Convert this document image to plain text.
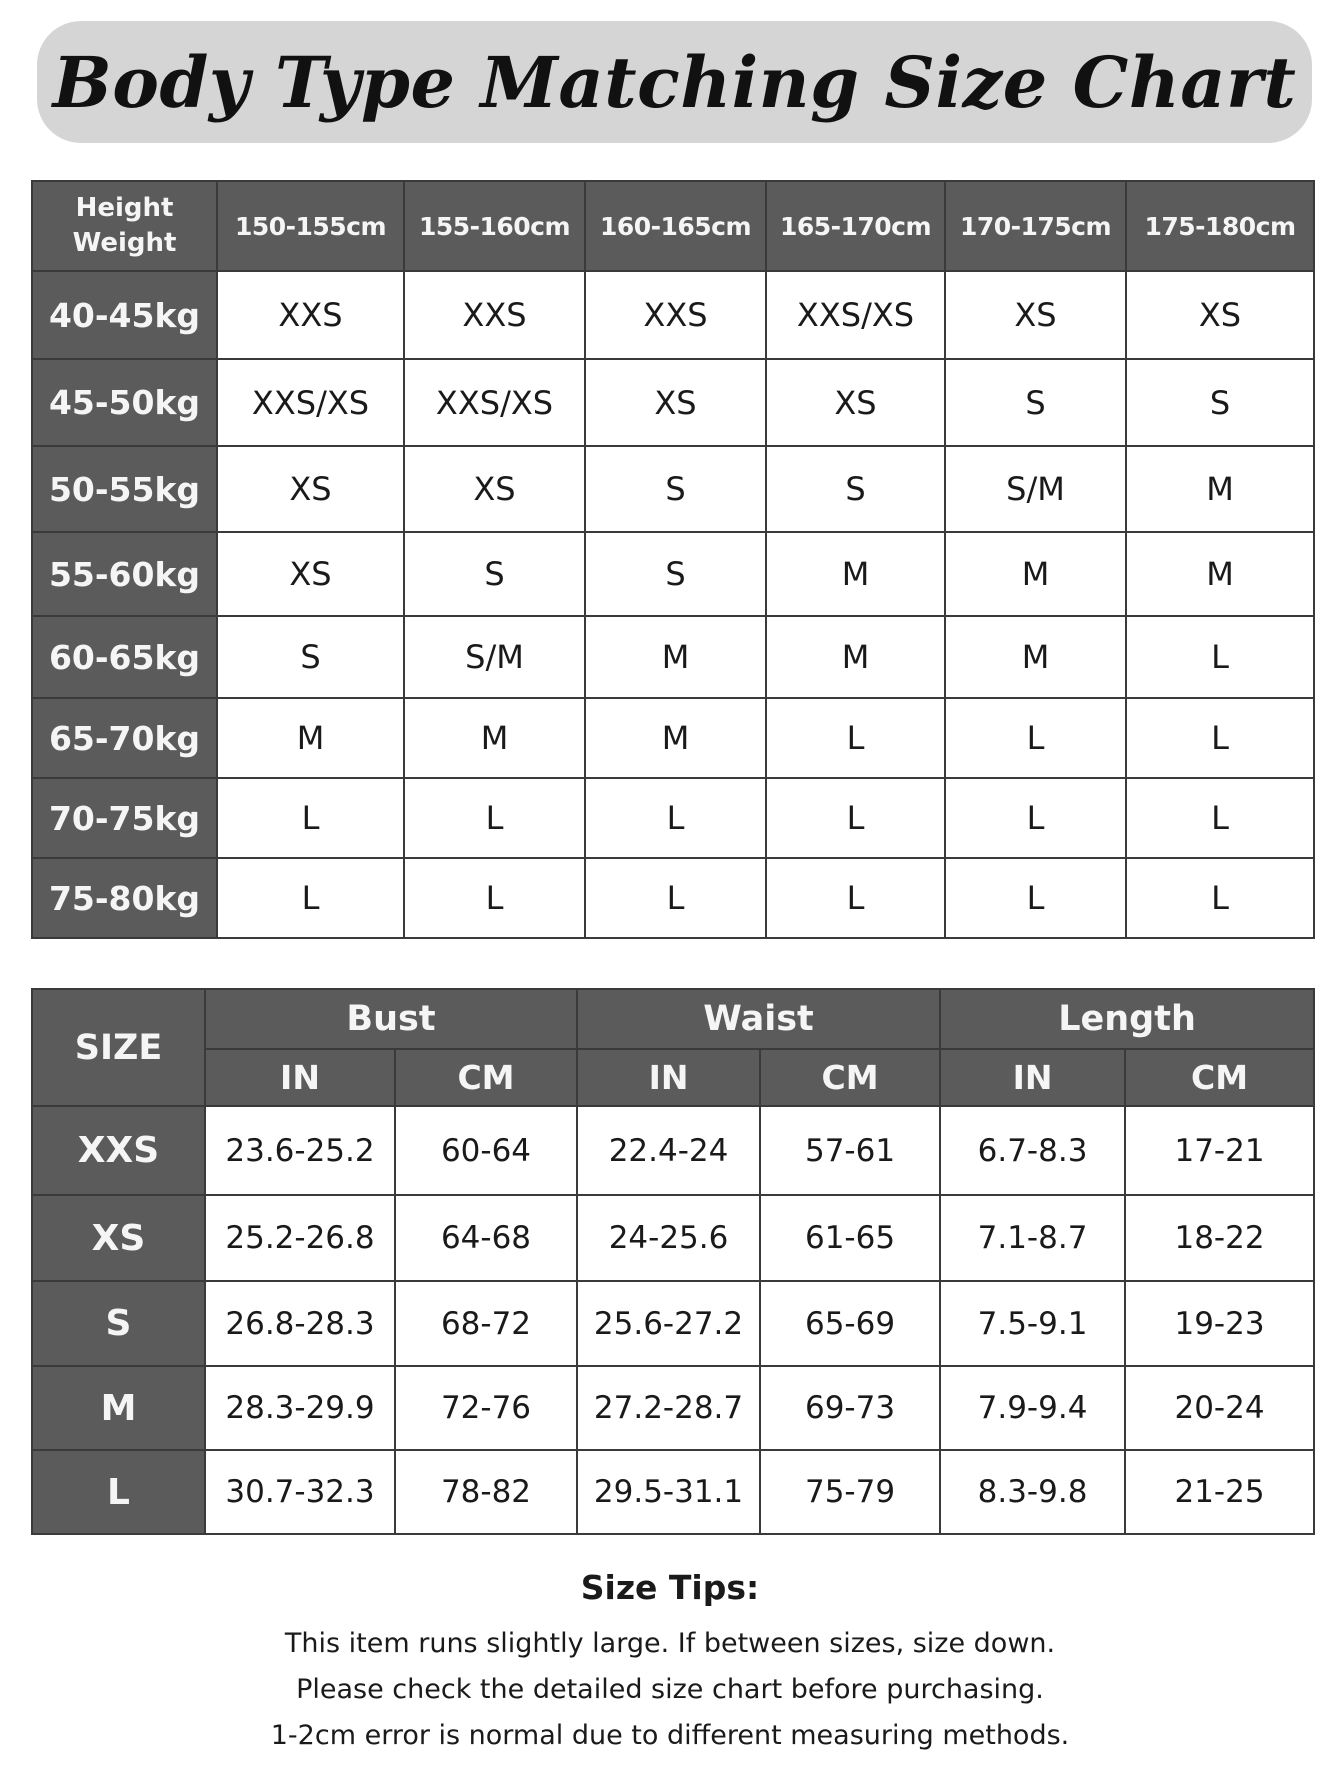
Body Type Matching Size Chart
Height
Weight	150-155cm	155-160cm	160-165cm	165-170cm	170-175cm	175-180cm
40-45kg	XXS	XXS	XXS	XXS/XS	XS	XS
45-50kg	XXS/XS	XXS/XS	XS	XS	S	S
50-55kg	XS	XS	S	S	S/M	M
55-60kg	XS	S	S	M	M	M
60-65kg	S	S/M	M	M	M	L
65-70kg	M	M	M	L	L	L
70-75kg	L	L	L	L	L	L
75-80kg	L	L	L	L	L	L
SIZE	Bust		Waist		Length	
	IN	CM	IN	CM	IN	CM
XXS	23.6-25.2	60-64	22.4-24	57-61	6.7-8.3	17-21
XS	25.2-26.8	64-68	24-25.6	61-65	7.1-8.7	18-22
S	26.8-28.3	68-72	25.6-27.2	65-69	7.5-9.1	19-23
M	28.3-29.9	72-76	27.2-28.7	69-73	7.9-9.4	20-24
L	30.7-32.3	78-82	29.5-31.1	75-79	8.3-9.8	21-25
Size Tips:
This item runs slightly large. If between sizes, size down.
Please check the detailed size chart before purchasing.
1-2cm error is normal due to different measuring methods.
